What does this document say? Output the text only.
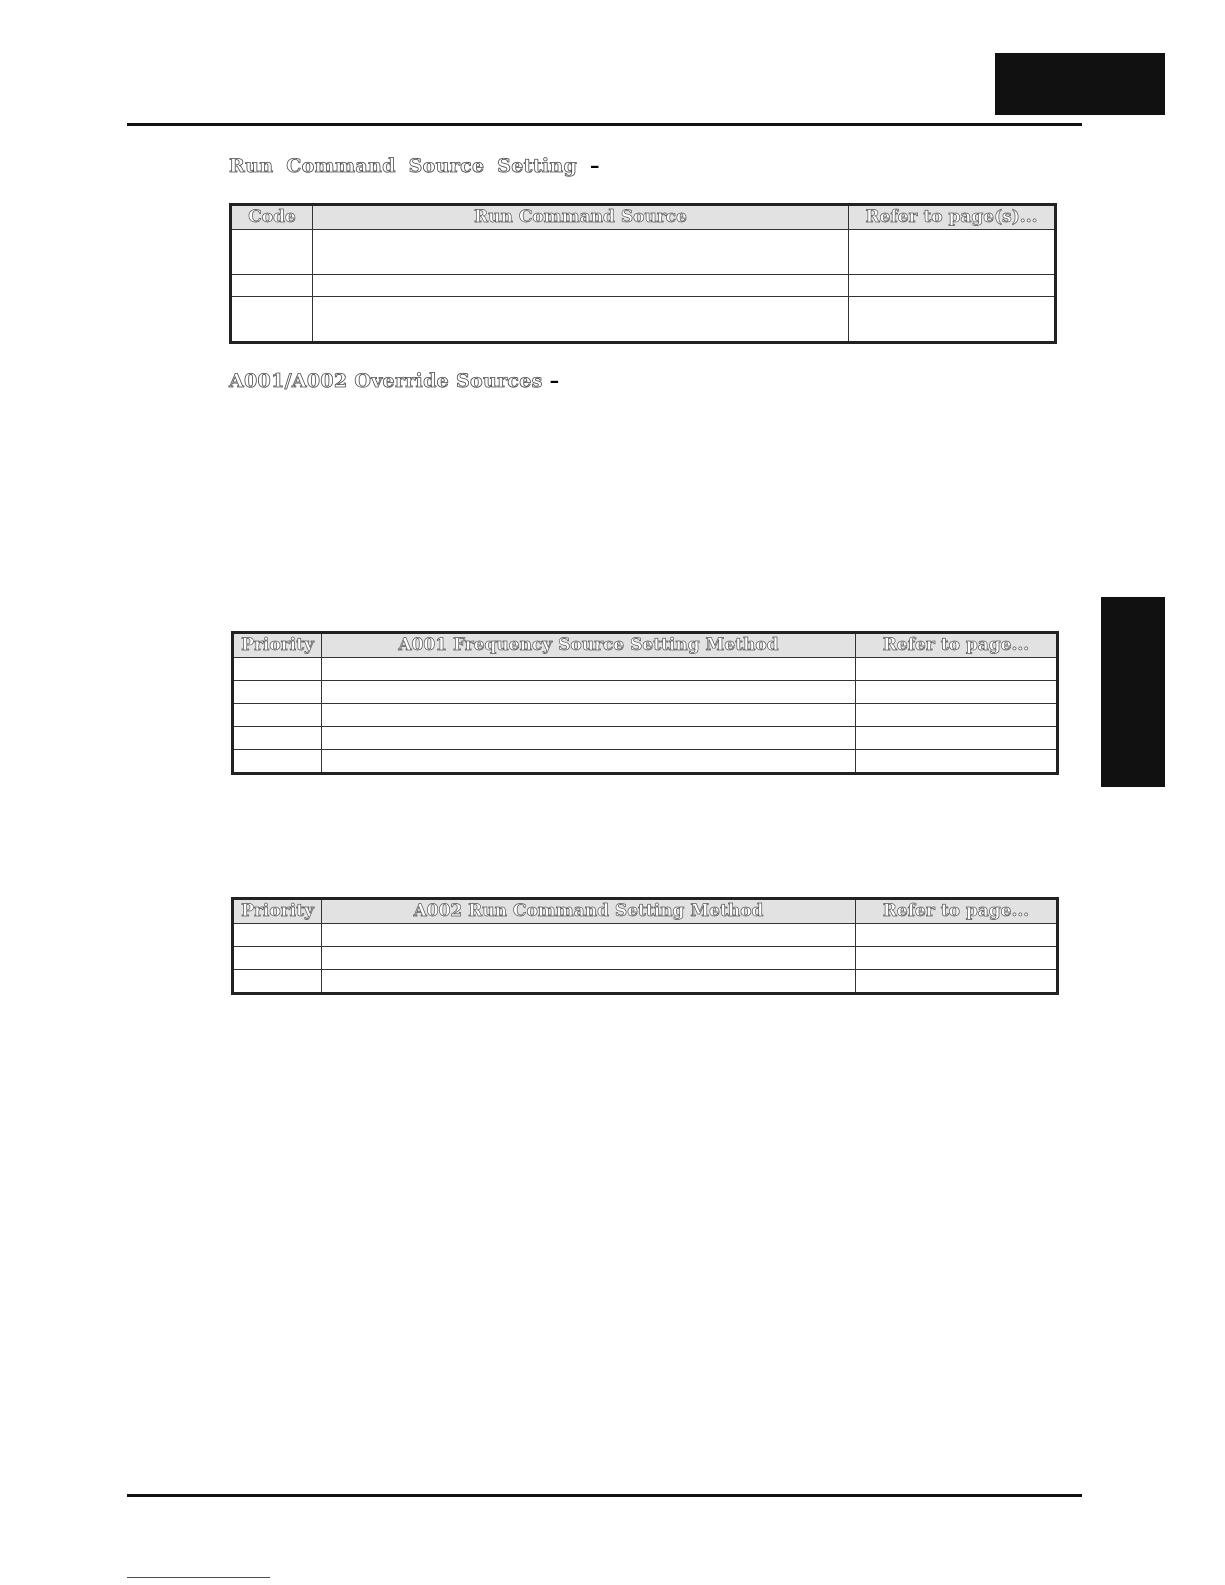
Run Command Source Setting –
Code	Run Command Source	Refer to page(s)...

A001/A002 Override Sources –
Priority	A001 Frequency Source Setting Method	Refer to page...

Priority	A002 Run Command Setting Method	Refer to page...
